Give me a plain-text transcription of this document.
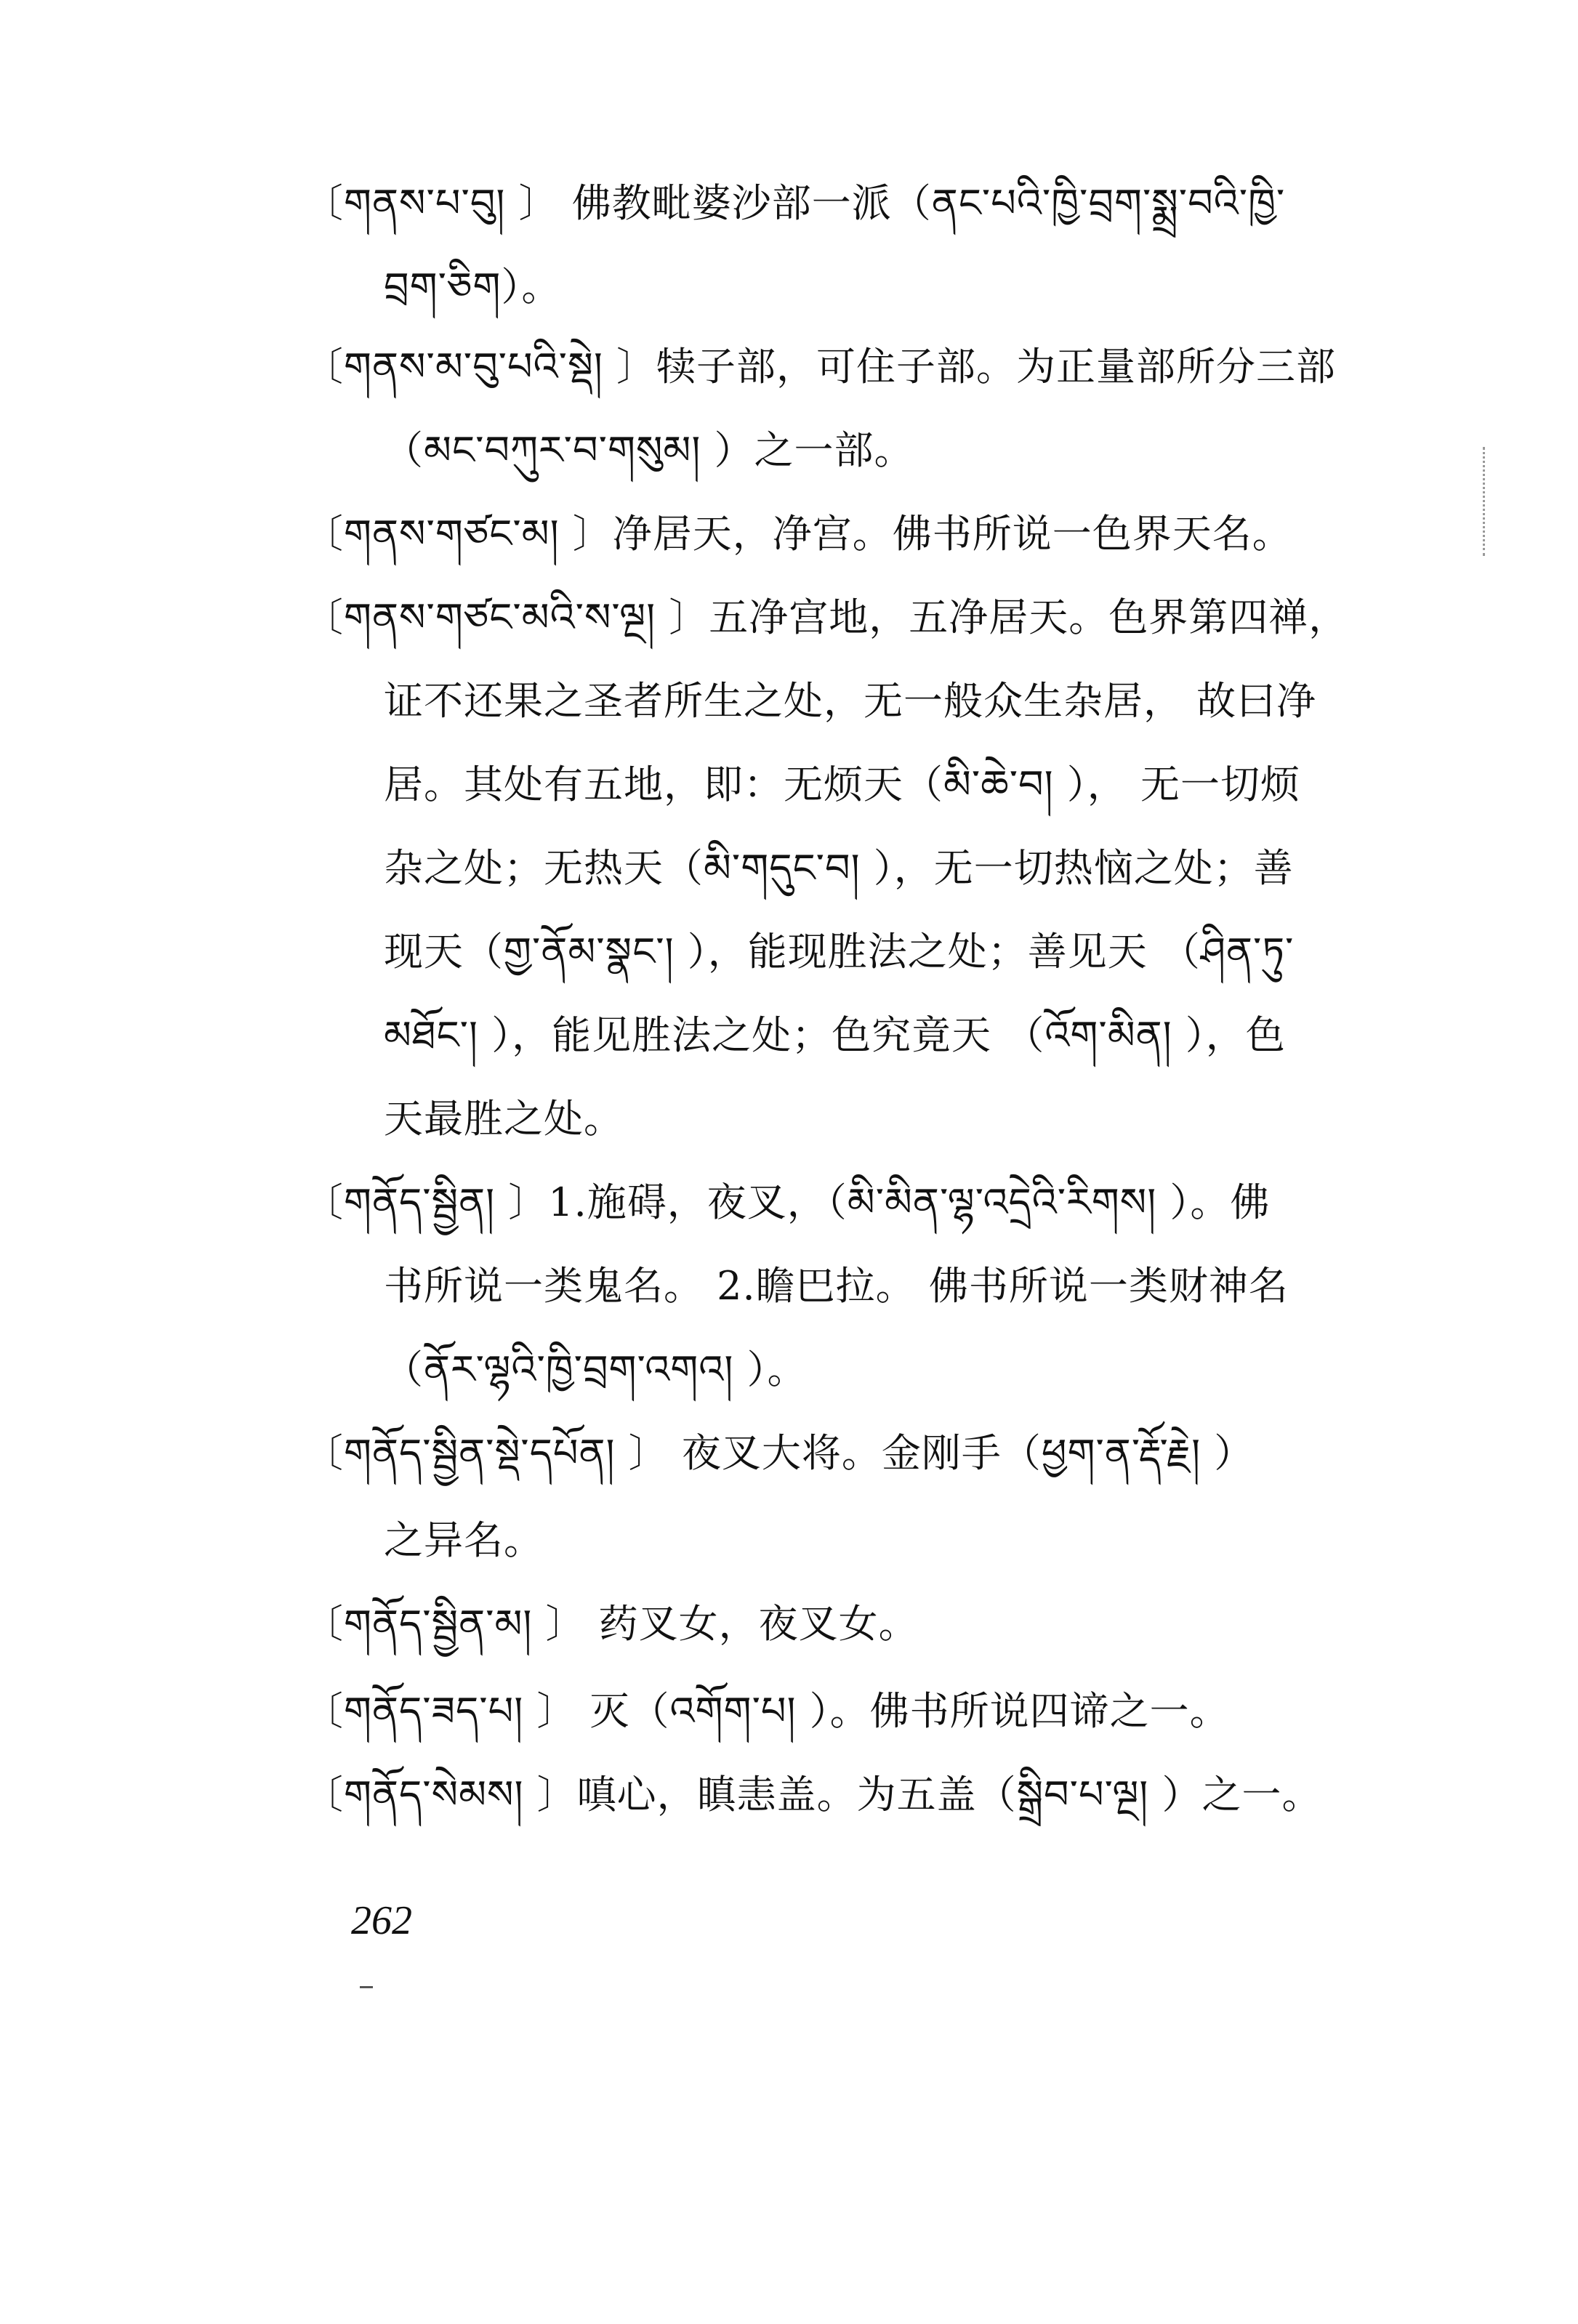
〔གནས་པ་བུ། 〕 佛教毗婆沙部一派（ནང་པའི་ཁྱི་བྲག་སྨྲ་བའི་ཁྱི་
བྲག་ཅིག）。
〔གནས་མ་བུ་པའི་སྡེ། 〕犊子部，可住子部。为正量部所分三部
（མང་བཀུར་བ་གསུམ། ）之一部。
〔གནས་གཙང་མ། 〕净居天，净宫。佛书所说一色界天名。
〔གནས་གཙང་མའི་ས་ལྔ། 〕五净宫地，五净居天。色界第四禅，
证不还果之圣者所生之处，无一般众生杂居， 故曰净
居。其处有五地，即：无烦天（མི་ཆེ་བ། ）， 无一切烦
杂之处；无热天（མི་གདུང་བ། ），无一切热恼之处；善
现天（གྱ་ནོམ་སྣང་། ），能现胜法之处；善见天 （ཤིན་ཏུ་
མཐོང་། ），能见胜法之处；色究竟天 （འོག་མིན། ），色
天最胜之处。
〔གནོད་སྦྱིན། 〕1.施碍，夜叉，（མི་མིན་ལྷ་འདྲེའི་རིགས། ）。佛
书所说一类鬼名。 2.瞻巴拉。 佛书所说一类财神名
（ནོར་ལྷའི་ཁྱི་བྲག་འགའ། ）。
〔གནོད་སྦྱིན་སྡེ་དཔོན། 〕 夜叉大将。金刚手（ཕྱག་ན་རྡོ་རྗེ། ）
之异名。
〔གནོད་སྦྱིན་མ། 〕 药叉女，夜叉女。
〔གནོད་ཟད་པ། 〕 灭（འགོག་པ། ）。佛书所说四谛之一。
〔གནོད་སེམས། 〕嗔心，瞋恚盖。为五盖（སྒྲིབ་པ་ལྔ། ）之一。
262
